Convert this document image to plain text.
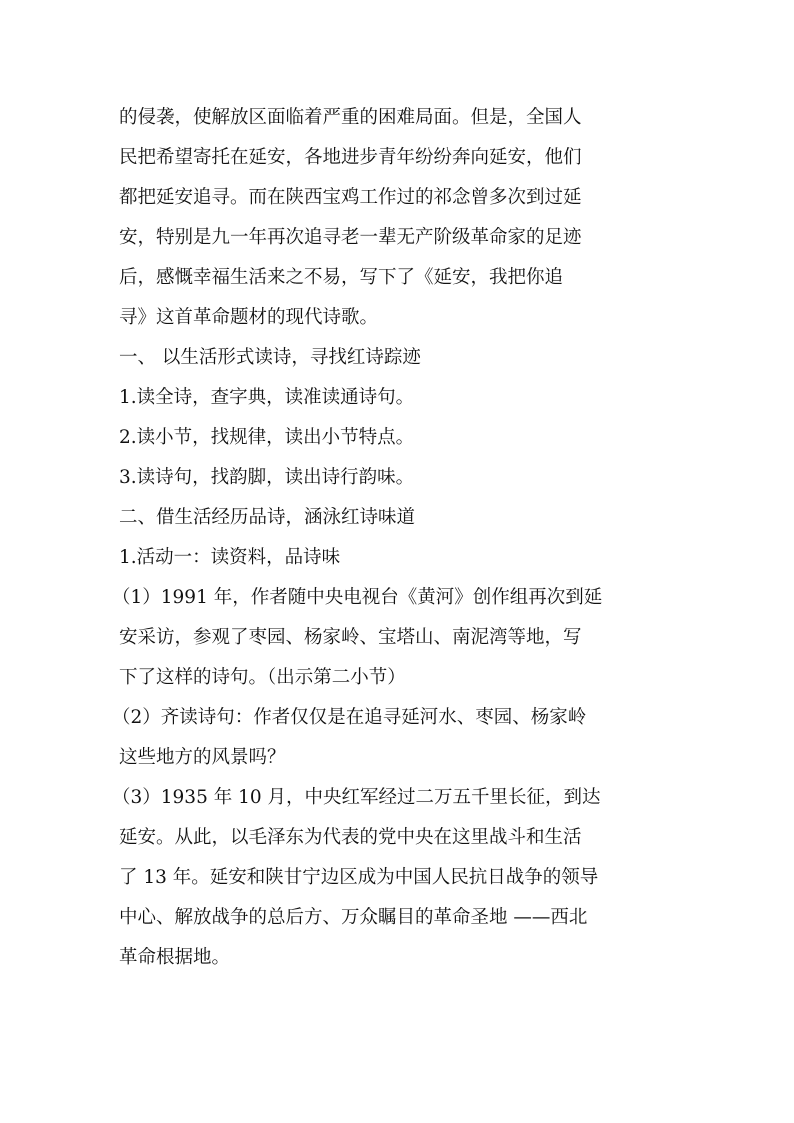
的侵袭，使解放区面临着严重的困难局面。但是，全国人
民把希望寄托在延安，各地进步青年纷纷奔向延安，他们
都把延安追寻。而在陕西宝鸡工作过的祁念曾多次到过延
安，特别是九一年再次追寻老一辈无产阶级革命家的足迹
后，感慨幸福生活来之不易，写下了《延安，我把你追
寻》这首革命题材的现代诗歌。
一、 以生活形式读诗，寻找红诗踪迹
1.读全诗，查字典，读准读通诗句。
2.读小节，找规律，读出小节特点。
3.读诗句，找韵脚，读出诗行韵味。
二、借生活经历品诗，涵泳红诗味道
1.活动一：读资料，品诗味
（1）1991 年，作者随中央电视台《黄河》创作组再次到延
安采访，参观了枣园、杨家岭、宝塔山、南泥湾等地，写
下了这样的诗句。（出示第二小节）
（2）齐读诗句：作者仅仅是在追寻延河水、枣园、杨家岭
这些地方的风景吗？
（3）1935 年 10 月，中央红军经过二万五千里长征，到达
延安。从此，以毛泽东为代表的党中央在这里战斗和生活
了 13 年。延安和陕甘宁边区成为中国人民抗日战争的领导
中心、解放战争的总后方、万众瞩目的革命圣地 ——西北
革命根据地。
